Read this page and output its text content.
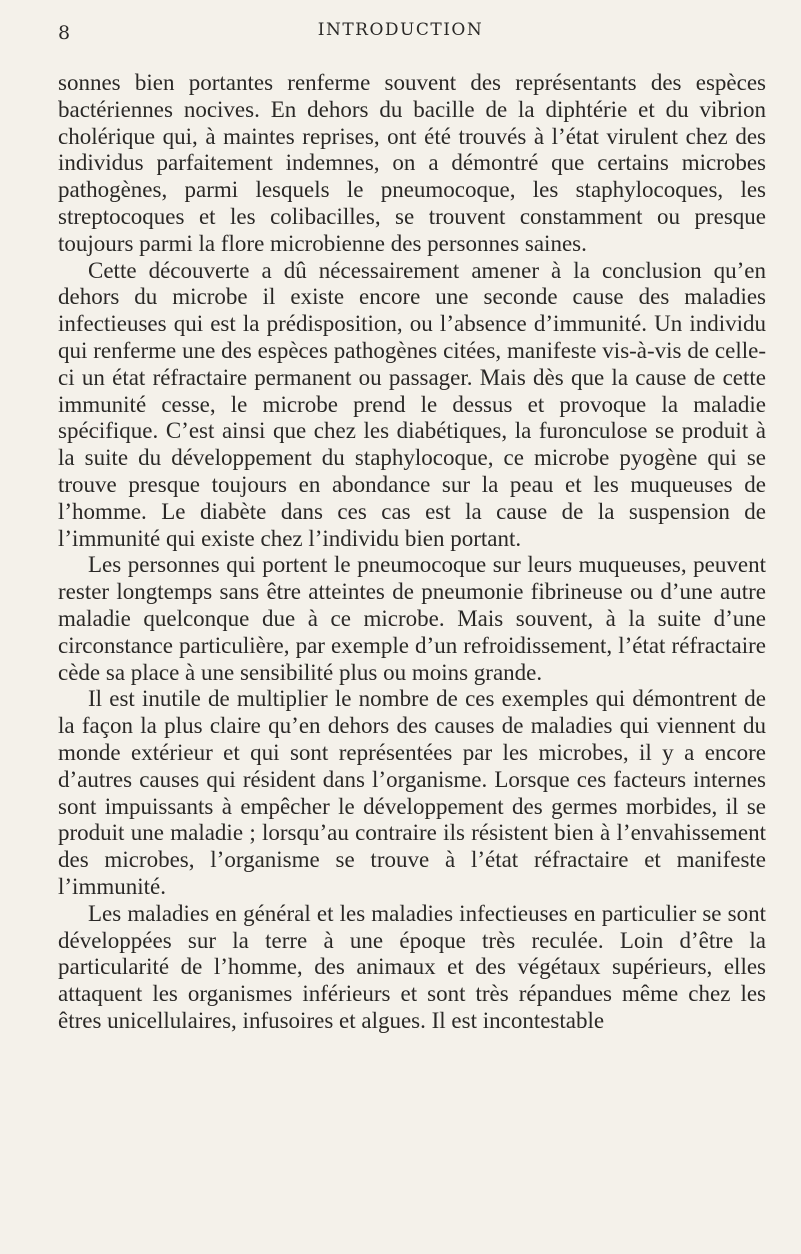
8	INTRODUCTION

sonnes bien portantes renferme souvent des représentants des espèces bactériennes nocives. En dehors du bacille de la diphtérie et du vibrion cholérique qui, à maintes reprises, ont été trouvés à l’état virulent chez des individus parfaitement indemnes, on a démontré que certains microbes pathogènes, parmi lesquels le pneumocoque, les staphylocoques, les streptocoques et les colibacilles, se trouvent constamment ou presque toujours parmi la flore microbienne des personnes saines.

Cette découverte a dû nécessairement amener à la conclusion qu’en dehors du microbe il existe encore une seconde cause des maladies infectieuses qui est la prédisposition, ou l’absence d’immunité. Un individu qui renferme une des espèces pathogènes citées, manifeste vis-à-vis de celle-ci un état réfractaire permanent ou passager. Mais dès que la cause de cette immunité cesse, le microbe prend le dessus et provoque la maladie spécifique. C’est ainsi que chez les diabétiques, la furonculose se produit à la suite du développement du staphylocoque, ce microbe pyogène qui se trouve presque toujours en abondance sur la peau et les muqueuses de l’homme. Le diabète dans ces cas est la cause de la suspension de l’immunité qui existe chez l’individu bien portant.

Les personnes qui portent le pneumocoque sur leurs muqueuses, peuvent rester longtemps sans être atteintes de pneumonie fibrineuse ou d’une autre maladie quelconque due à ce microbe. Mais souvent, à la suite d’une circonstance particulière, par exemple d’un refroidissement, l’état réfractaire cède sa place à une sensibilité plus ou moins grande.

Il est inutile de multiplier le nombre de ces exemples qui démontrent de la façon la plus claire qu’en dehors des causes de maladies qui viennent du monde extérieur et qui sont représentées par les microbes, il y a encore d’autres causes qui résident dans l’organisme. Lorsque ces facteurs internes sont impuissants à empêcher le développement des germes morbides, il se produit une maladie ; lorsqu’au contraire ils résistent bien à l’envahissement des microbes, l’organisme se trouve à l’état réfractaire et manifeste l’immunité.

Les maladies en général et les maladies infectieuses en particulier se sont développées sur la terre à une époque très reculée. Loin d’être la particularité de l’homme, des animaux et des végétaux supérieurs, elles attaquent les organismes inférieurs et sont très répandues même chez les êtres unicellulaires, infusoires et algues. Il est incontestable
